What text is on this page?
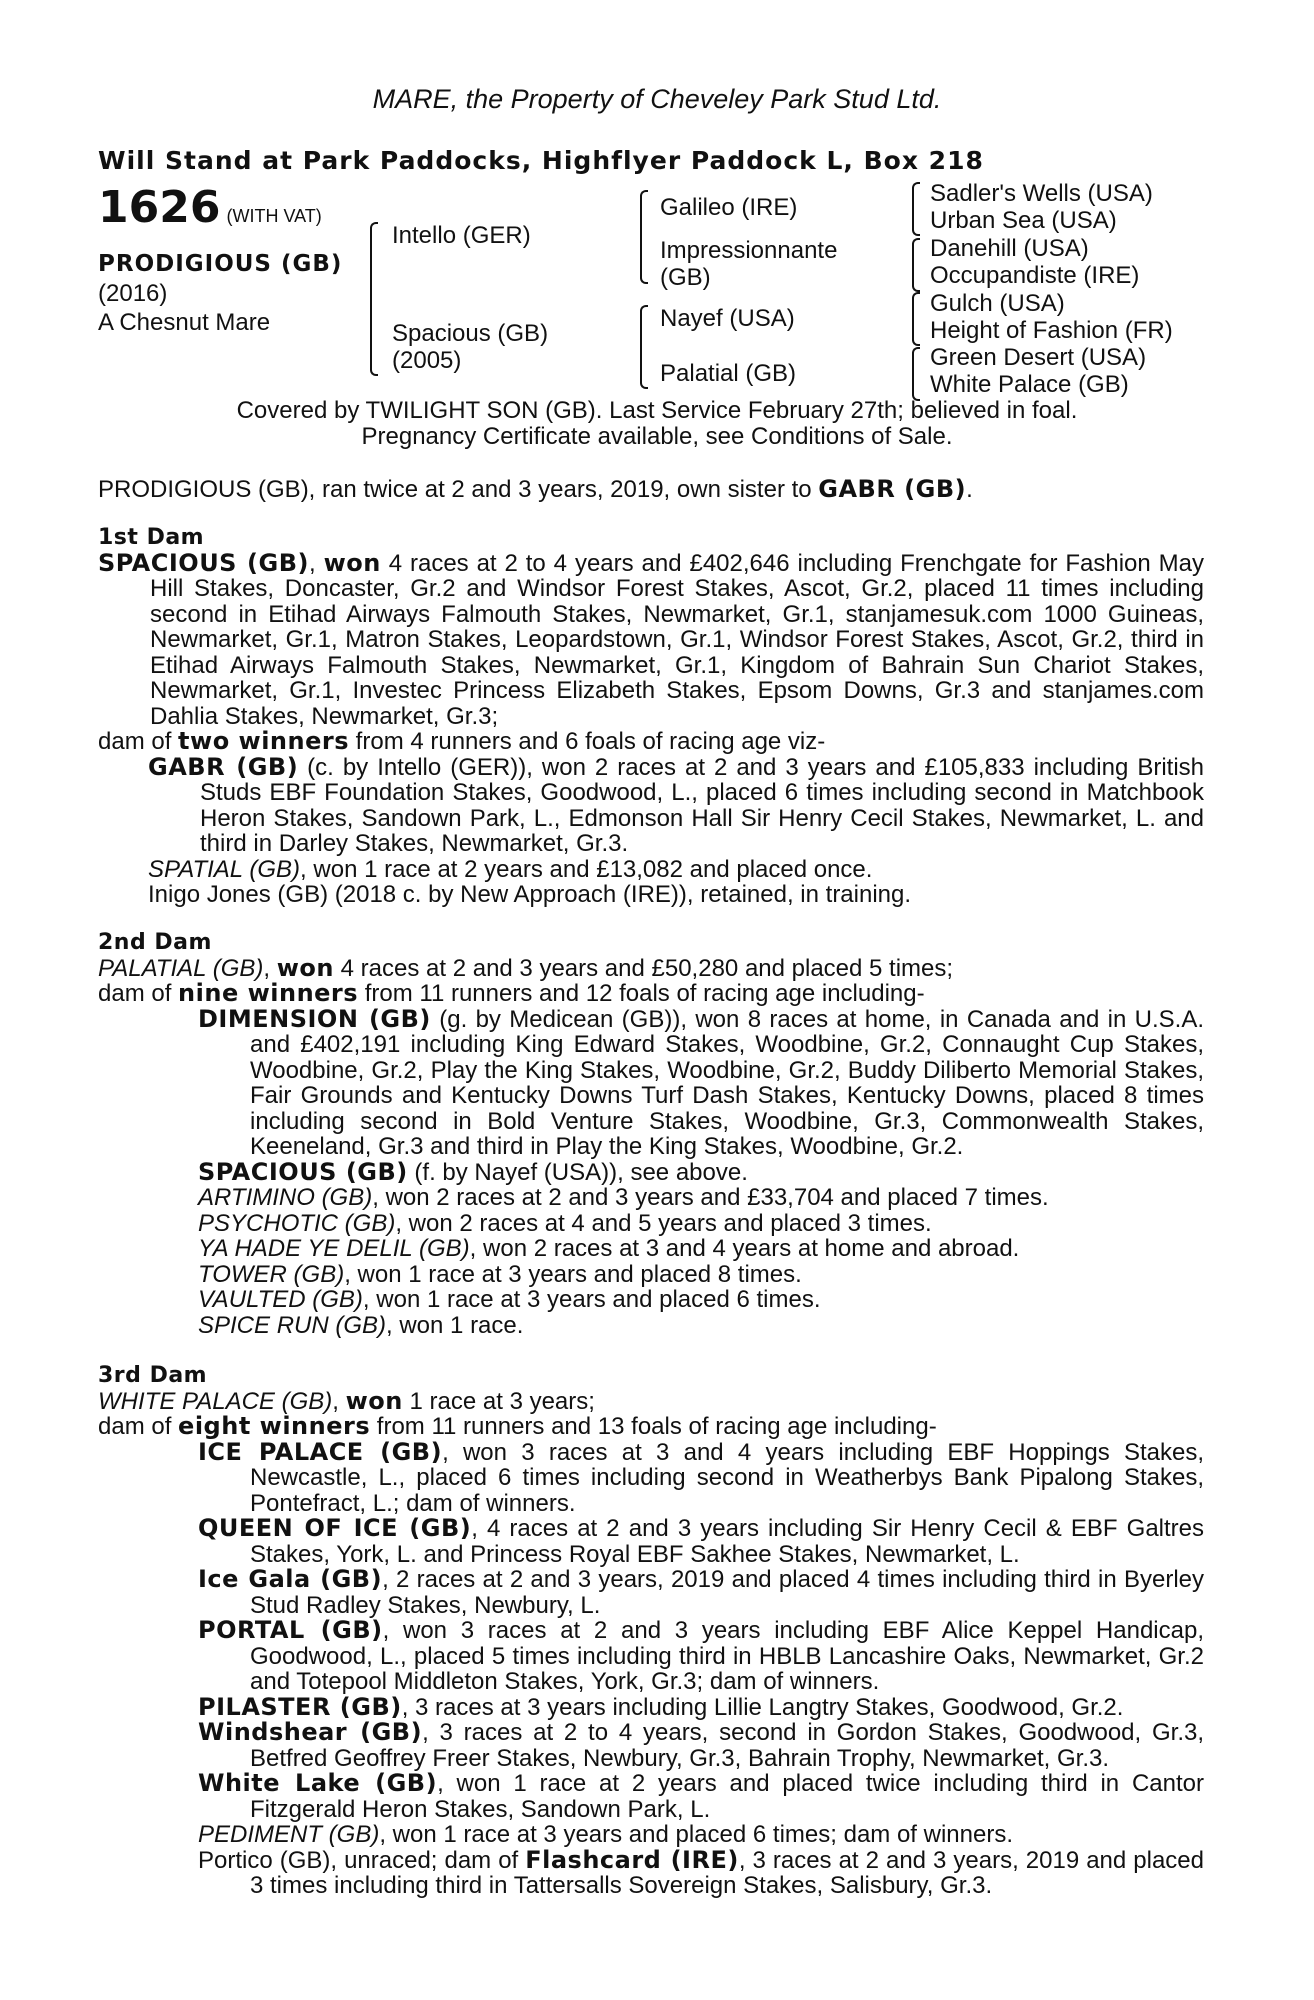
MARE, the Property of Cheveley Park Stud Ltd.
Will Stand at Park Paddocks, Highflyer Paddock L, Box 218
1626 (WITH VAT)
PRODIGIOUS (GB)
(2016)
A Chesnut Mare
Intello (GER)
Spacious (GB)
(2005)
Galileo (IRE)
Impressionnante
(GB)
Nayef (USA)
Palatial (GB)
Sadler's Wells (USA)
Urban Sea (USA)
Danehill (USA)
Occupandiste (IRE)
Gulch (USA)
Height of Fashion (FR)
Green Desert (USA)
White Palace (GB)
Covered by TWILIGHT SON (GB). Last Service February 27th; believed in foal.
Pregnancy Certificate available, see Conditions of Sale.
PRODIGIOUS (GB), ran twice at 2 and 3 years, 2019, own sister to GABR (GB).
1st Dam

SPACIOUS (GB), won 4 races at 2 to 4 years and £402,646 including Frenchgate for Fashion May Hill Stakes, Doncaster, Gr.2 and Windsor Forest Stakes, Ascot, Gr.2, placed 11 times including second in Etihad Airways Falmouth Stakes, Newmarket, Gr.1, stanjamesuk.com 1000 Guineas, Newmarket, Gr.1, Matron Stakes, Leopardstown, Gr.1, Windsor Forest Stakes, Ascot, Gr.2, third in Etihad Airways Falmouth Stakes, Newmarket, Gr.1, Kingdom of Bahrain Sun Chariot Stakes, Newmarket, Gr.1, Investec Princess Elizabeth Stakes, Epsom Downs, Gr.3 and stanjames.com Dahlia Stakes, Newmarket, Gr.3;

dam of two winners from 4 runners and 6 foals of racing age viz-

GABR (GB) (c. by Intello (GER)), won 2 races at 2 and 3 years and £105,833 including British Studs EBF Foundation Stakes, Goodwood, L., placed 6 times including second in Matchbook Heron Stakes, Sandown Park, L., Edmonson Hall Sir Henry Cecil Stakes, Newmarket, L. and third in Darley Stakes, Newmarket, Gr.3.

SPATIAL (GB), won 1 race at 2 years and £13,082 and placed once.

Inigo Jones (GB) (2018 c. by New Approach (IRE)), retained, in training.

2nd Dam

PALATIAL (GB), won 4 races at 2 and 3 years and £50,280 and placed 5 times;

dam of nine winners from 11 runners and 12 foals of racing age including-

DIMENSION (GB) (g. by Medicean (GB)), won 8 races at home, in Canada and in U.S.A. and £402,191 including King Edward Stakes, Woodbine, Gr.2, Connaught Cup Stakes, Woodbine, Gr.2, Play the King Stakes, Woodbine, Gr.2, Buddy Diliberto Memorial Stakes, Fair Grounds and Kentucky Downs Turf Dash Stakes, Kentucky Downs, placed 8 times including second in Bold Venture Stakes, Woodbine, Gr.3, Commonwealth Stakes, Keeneland, Gr.3 and third in Play the King Stakes, Woodbine, Gr.2.

SPACIOUS (GB) (f. by Nayef (USA)), see above.

ARTIMINO (GB), won 2 races at 2 and 3 years and £33,704 and placed 7 times.

PSYCHOTIC (GB), won 2 races at 4 and 5 years and placed 3 times.

YA HADE YE DELIL (GB), won 2 races at 3 and 4 years at home and abroad.

TOWER (GB), won 1 race at 3 years and placed 8 times.

VAULTED (GB), won 1 race at 3 years and placed 6 times.

SPICE RUN (GB), won 1 race.

3rd Dam

WHITE PALACE (GB), won 1 race at 3 years;

dam of eight winners from 11 runners and 13 foals of racing age including-

ICE PALACE (GB), won 3 races at 3 and 4 years including EBF Hoppings Stakes, Newcastle, L., placed 6 times including second in Weatherbys Bank Pipalong Stakes, Pontefract, L.; dam of winners.

QUEEN OF ICE (GB), 4 races at 2 and 3 years including Sir Henry Cecil & EBF Galtres Stakes, York, L. and Princess Royal EBF Sakhee Stakes, Newmarket, L.

Ice Gala (GB), 2 races at 2 and 3 years, 2019 and placed 4 times including third in Byerley Stud Radley Stakes, Newbury, L.

PORTAL (GB), won 3 races at 2 and 3 years including EBF Alice Keppel Handicap, Goodwood, L., placed 5 times including third in HBLB Lancashire Oaks, Newmarket, Gr.2 and Totepool Middleton Stakes, York, Gr.3; dam of winners.

PILASTER (GB), 3 races at 3 years including Lillie Langtry Stakes, Goodwood, Gr.2.

Windshear (GB), 3 races at 2 to 4 years, second in Gordon Stakes, Goodwood, Gr.3, Betfred Geoffrey Freer Stakes, Newbury, Gr.3, Bahrain Trophy, Newmarket, Gr.3.

White Lake (GB), won 1 race at 2 years and placed twice including third in Cantor Fitzgerald Heron Stakes, Sandown Park, L.

PEDIMENT (GB), won 1 race at 3 years and placed 6 times; dam of winners.

Portico (GB), unraced; dam of Flashcard (IRE), 3 races at 2 and 3 years, 2019 and placed 3 times including third in Tattersalls Sovereign Stakes, Salisbury, Gr.3.
